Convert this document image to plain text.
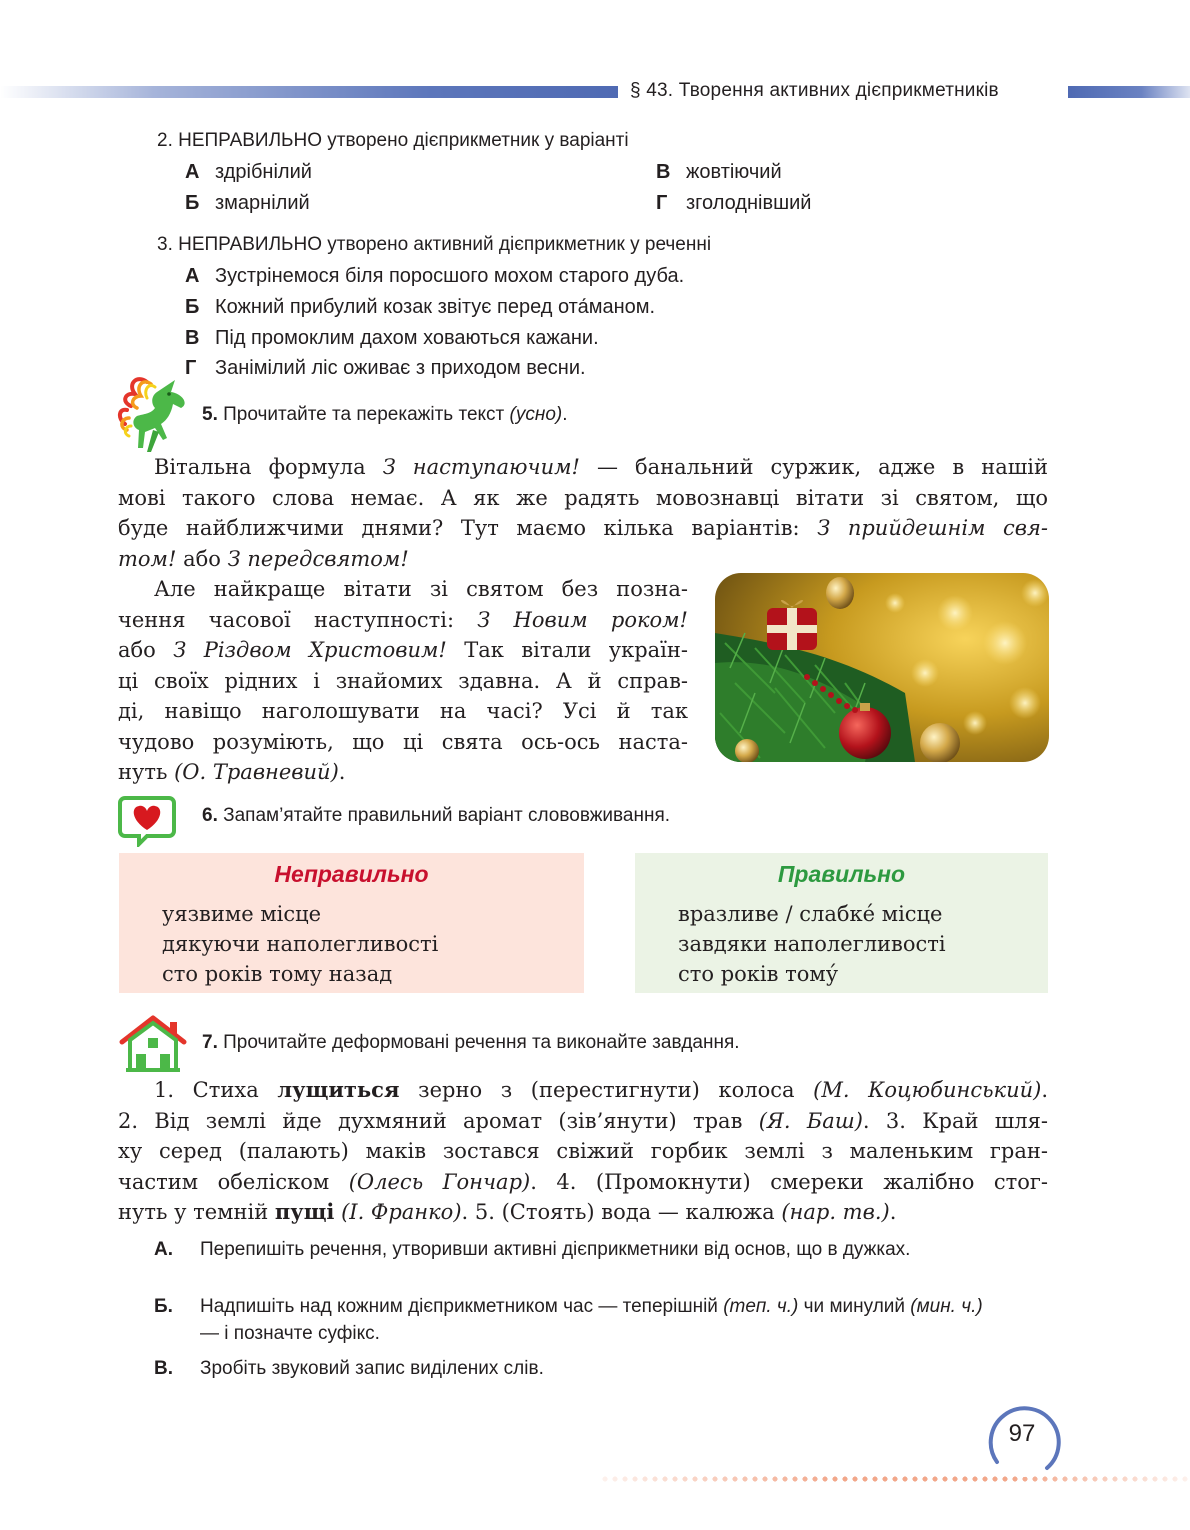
§ 43. Творення активних дієприкметників
2. НЕПРАВИЛЬНО утворено дієприкметник у варіанті
А здрібнілий	В жовтіючий
Б змарнілий	Г зголоднівший
3. НЕПРАВИЛЬНО утворено активний дієприкметник у реченні
А Зустрінемося біля поросшого мохом старого дуба.
Б Кожний прибулий козак звітує перед ота́маном.
В Під промоклим дахом ховаються кажани.
Г Занімілий ліс оживає з приходом весни.
5. Прочитайте та перекажіть текст (усно).
Вітальна формула З наступаючим! — банальний суржик, адже в нашій
мові такого слова немає. А як же радять мовознавці вітати зі святом, що
буде найближчими днями? Тут маємо кілька варіантів: З прийдешнім свя-
том! або З передсвятом!
Але найкраще вітати зі святом без позна-
чення часової наступності: З Новим роком!
або З Різдвом Христовим! Так вітали україн-
ці своїх рідних і знайомих здавна. А й справ-
ді, навіщо наголошувати на часі? Усі й так
чудово розуміють, що ці свята ось-ось наста-
нуть (О. Травневий).
6. Запам’ятайте правильний варіант слововживання.
Неправильно
уязвиме місце
дякуючи наполегливості
сто років тому назад
Правильно
вразливе / слабке́ місце
завдяки наполегливості
сто років тому́
7. Прочитайте деформовані речення та виконайте завдання.
1. Стиха лущиться зерно з (перестигнути) колоса (М. Коцюбинський).
2. Від землі йде духмяний аромат (зів’янути) трав (Я. Баш). 3. Край шля-
ху серед (палають) маків зостався свіжий горбик землі з маленьким гран-
частим обеліском (Олесь Гончар). 4. (Промокнути) смереки жалібно стог-
нуть у темній пущі (І. Франко). 5. (Стоять) вода — калюжа (нар. тв.).
А. Перепишіть речення, утворивши активні дієприкметники від основ, що в дужках.
Б. Надпишіть над кожним дієприкметником час — теперішній (теп. ч.) чи минулий (мин. ч.) — і позначте суфікс.
В. Зробіть звуковий запис виділених слів.
97
